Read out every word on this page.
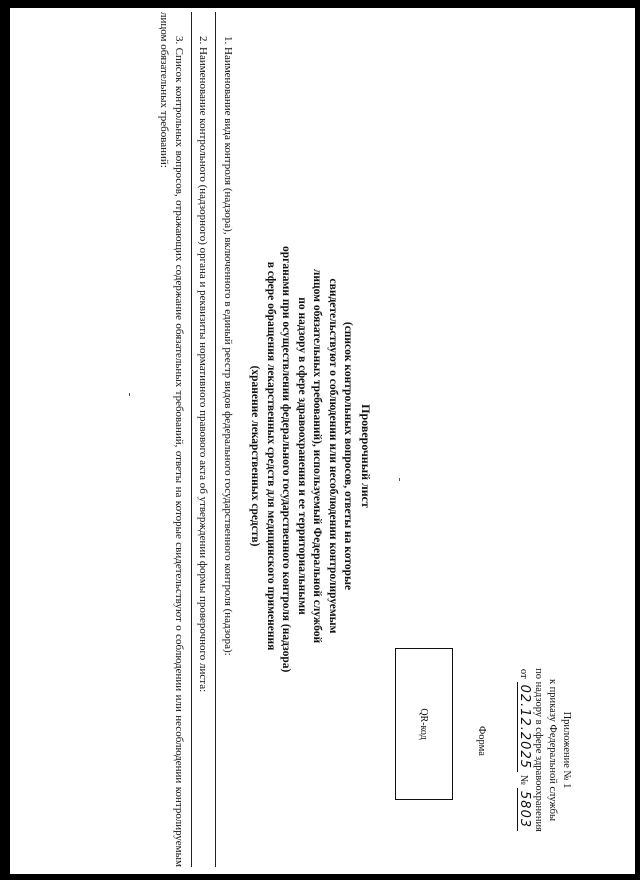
Приложение № 1
к приказу Федеральной службы
по надзору в сфере здравоохранения
от
02.12.2025
№
5803
Форма
QR-код
Проверочный лист
(список контрольных вопросов, ответы на которые
свидетельствуют о соблюдении или несоблюдении контролируемым
лицом обязательных требований), используемый Федеральной службой
по надзору в сфере здравоохранения и ее территориальными
органами при осуществлении федерального государственного контроля (надзора)
в сфере обращения лекарственных средств для медицинского применения
(хранение лекарственных средств)
1. Наименование вида контроля (надзора), включенного в единый реестр видов федерального государственного контроля (надзора):
2. Наименование контрольного (надзорного) органа и реквизиты нормативного правового акта об утверждении формы проверочного листа:
3. Список контрольных вопросов, отражающих содержание обязательных требований, ответы на которые свидетельствуют о соблюдении или несоблюдении контролируемым лицом обязательных требований:
